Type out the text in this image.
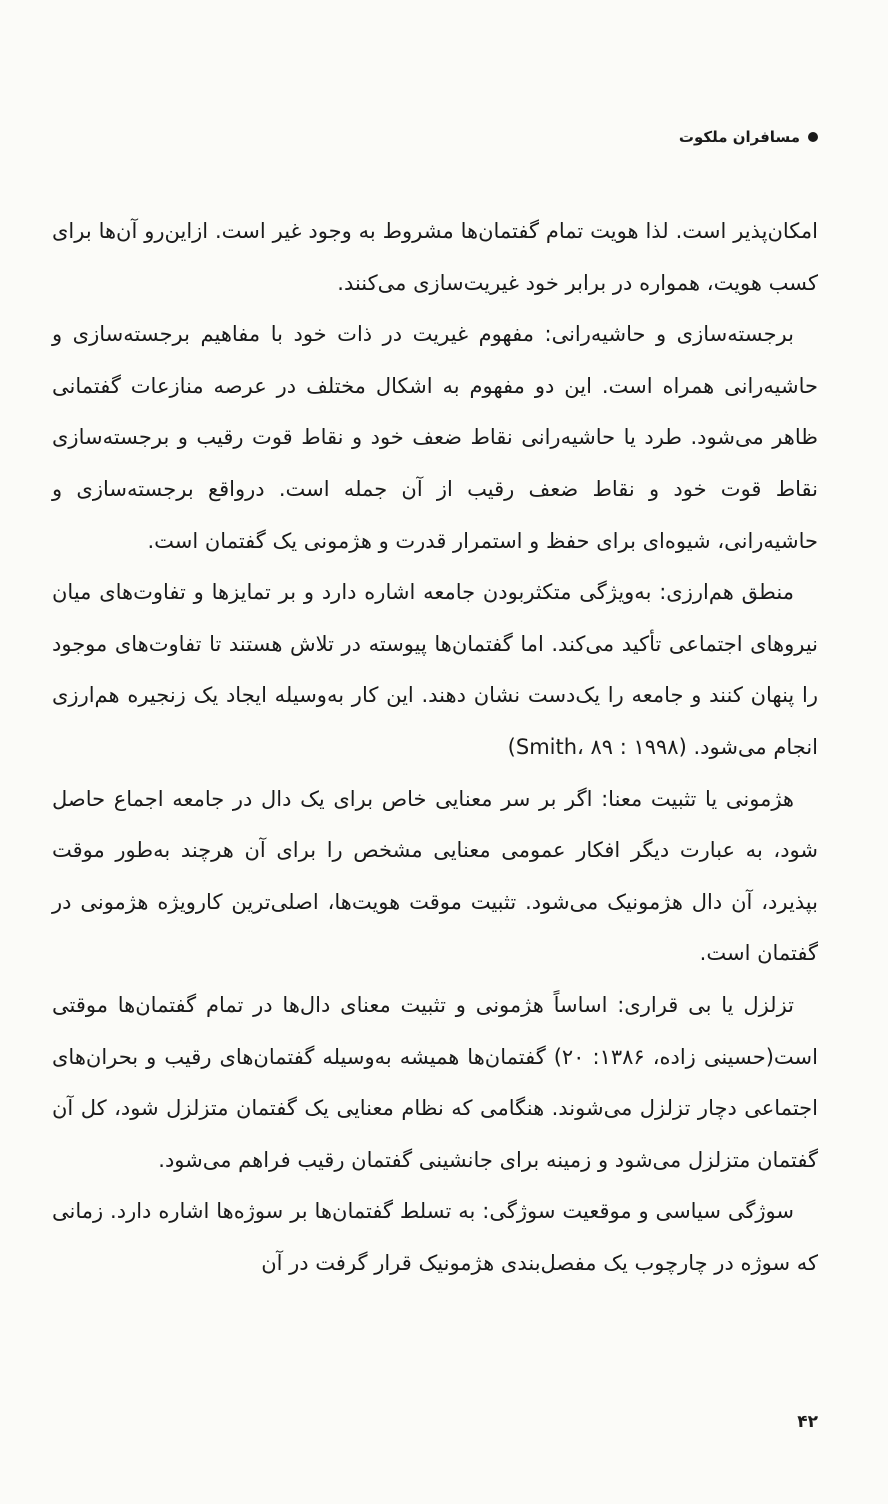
مسافران ملکوت

امکان‌پذیر است. لذا هویت تمام گفتمان‌ها مشروط به وجود غیر است. ازاین‌رو آن‌ها برای کسب هویت، همواره در برابر خود غیریت‌سازی می‌کنند.

برجسته‌سازی و حاشیه‌رانی: مفهوم غیریت در ذات خود با مفاهیم برجسته‌سازی و حاشیه‌رانی همراه است. این دو مفهوم به اشکال مختلف در عرصه منازعات گفتمانی ظاهر می‌شود. طرد یا حاشیه‌رانی نقاط ضعف خود و نقاط قوت رقیب و برجسته‌سازی نقاط قوت خود و نقاط ضعف رقیب از آن جمله است. درواقع برجسته‌سازی و حاشیه‌رانی، شیوه‌ای برای حفظ و استمرار قدرت و هژمونی یک گفتمان است.

منطق هم‌ارزی: به‌ویژگی متکثربودن جامعه اشاره دارد و بر تمایزها و تفاوت‌های میان نیروهای اجتماعی تأکید می‌کند. اما گفتمان‌ها پیوسته در تلاش هستند تا تفاوت‌های موجود را پنهان کنند و جامعه را یک‌دست نشان دهند. این کار به‌وسیله ایجاد یک زنجیره هم‌ارزی انجام می‌شود. (Smith، ۸۹ : ۱۹۹۸)

هژمونی یا تثبیت معنا: اگر بر سر معنایی خاص برای یک دال در جامعه اجماع حاصل شود، به عبارت دیگر افکار عمومی معنایی مشخص را برای آن هرچند به‌طور موقت بپذیرد، آن دال هژمونیک می‌شود. تثبیت موقت هویت‌ها، اصلی‌ترین کارویژه هژمونی در گفتمان است.

تزلزل یا بی قراری: اساساً هژمونی و تثبیت معنای دال‌ها در تمام گفتمان‌ها موقتی است(حسینی زاده، ۱۳۸۶: ۲۰) گفتمان‌ها همیشه به‌وسیله گفتمان‌های رقیب و بحران‌های اجتماعی دچار تزلزل می‌شوند. هنگامی که نظام معنایی یک گفتمان متزلزل شود، کل آن گفتمان متزلزل می‌شود و زمینه برای جانشینی گفتمان رقیب فراهم می‌شود.

سوژگی سیاسی و موقعیت سوژگی: به تسلط گفتمان‌ها بر سوژه‌ها اشاره دارد. زمانی که سوژه در چارچوب یک مفصل‌بندی هژمونیک قرار گرفت در آن

۴۲
